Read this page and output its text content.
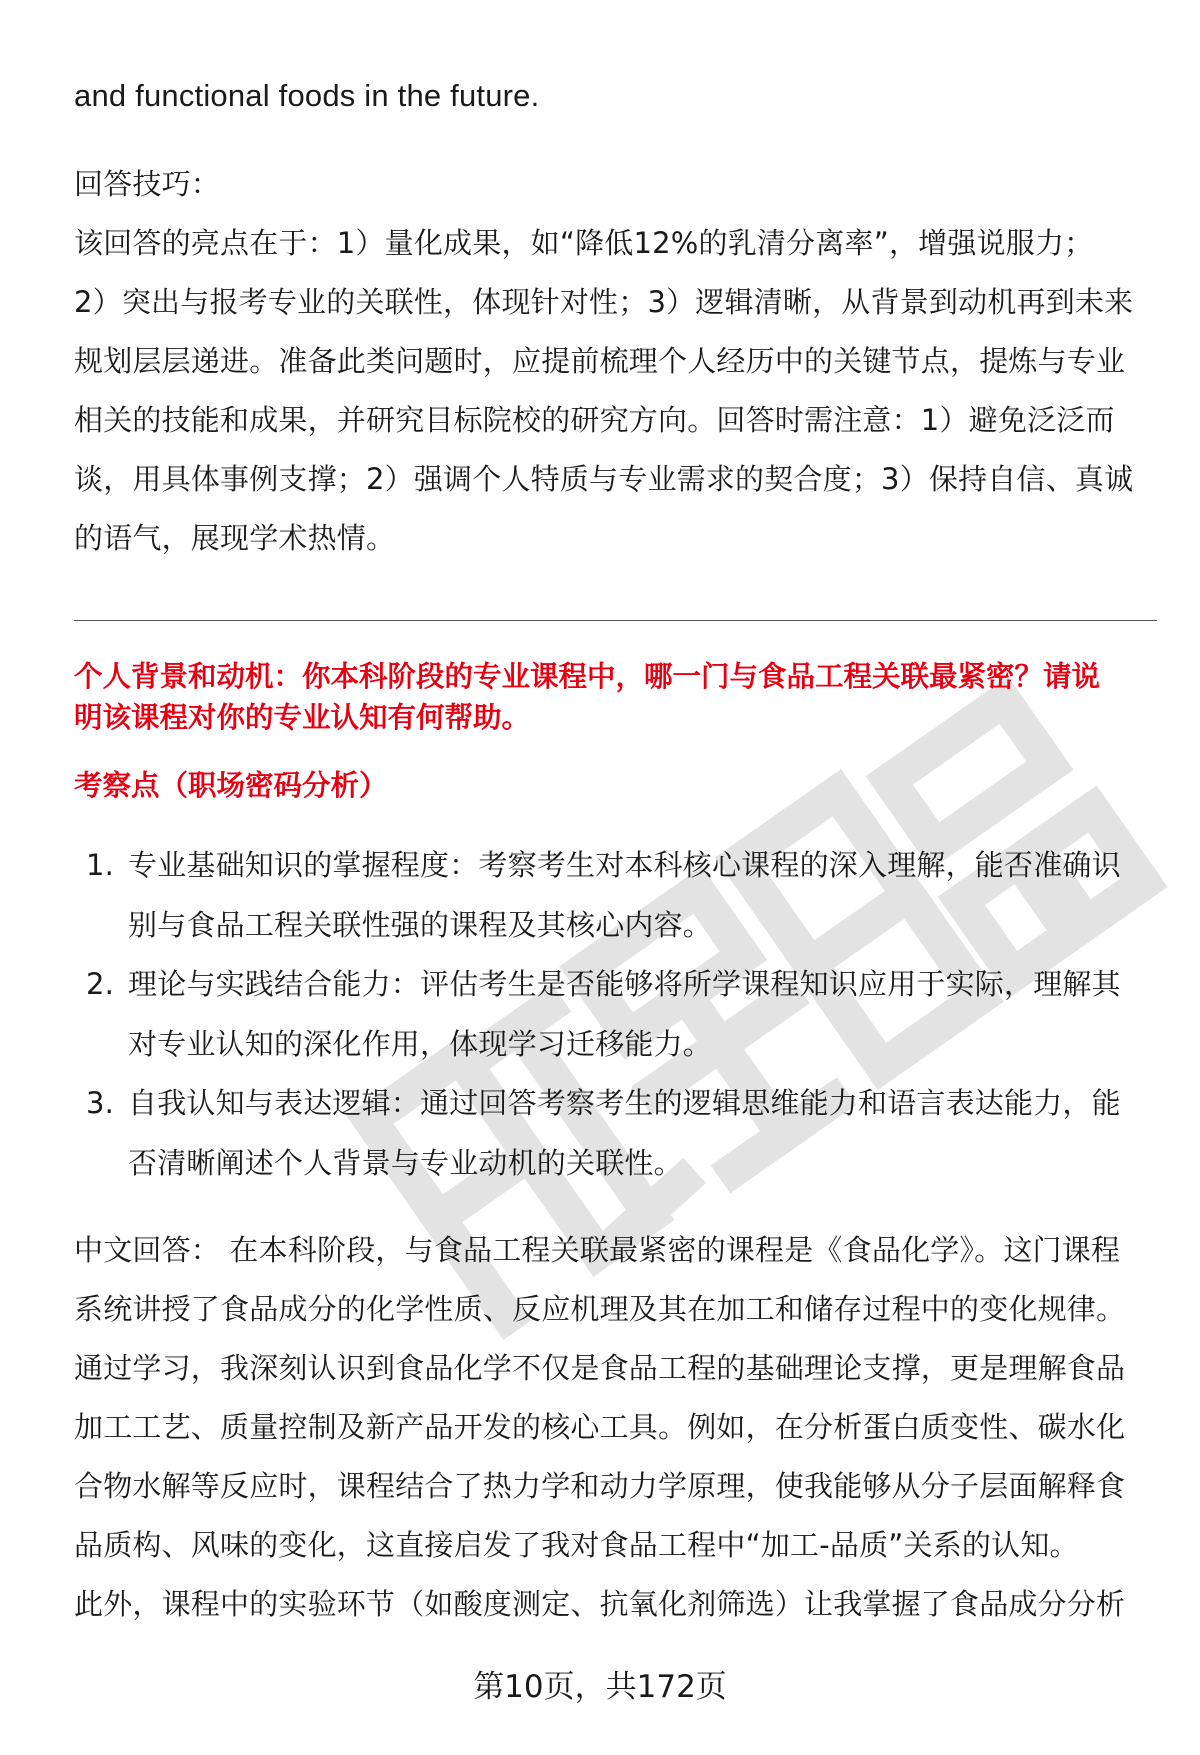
and functional foods in the future.
回答技巧：
该回答的亮点在于：1）量化成果，如“降低12%的乳清分离率”，增强说服力；
2）突出与报考专业的关联性，体现针对性；3）逻辑清晰，从背景到动机再到未来
规划层层递进。准备此类问题时，应提前梳理个人经历中的关键节点，提炼与专业
相关的技能和成果，并研究目标院校的研究方向。回答时需注意：1）避免泛泛而
谈，用具体事例支撑；2）强调个人特质与专业需求的契合度；3）保持自信、真诚
的语气，展现学术热情。
个人背景和动机：你本科阶段的专业课程中，哪一门与食品工程关联最紧密？请说
明该课程对你的专业认知有何帮助。
考察点（职场密码分析）
1. 专业基础知识的掌握程度：考察考生对本科核心课程的深入理解，能否准确识
别与食品工程关联性强的课程及其核心内容。
2. 理论与实践结合能力：评估考生是否能够将所学课程知识应用于实际，理解其
对专业认知的深化作用，体现学习迁移能力。
3. 自我认知与表达逻辑：通过回答考察考生的逻辑思维能力和语言表达能力，能
否清晰阐述个人背景与专业动机的关联性。
中文回答： 在本科阶段，与食品工程关联最紧密的课程是《食品化学》。这门课程
系统讲授了食品成分的化学性质、反应机理及其在加工和储存过程中的变化规律。
通过学习，我深刻认识到食品化学不仅是食品工程的基础理论支撑，更是理解食品
加工工艺、质量控制及新产品开发的核心工具。例如，在分析蛋白质变性、碳水化
合物水解等反应时，课程结合了热力学和动力学原理，使我能够从分子层面解释食
品质构、风味的变化，这直接启发了我对食品工程中“加工-品质”关系的认知。
此外，课程中的实验环节（如酸度测定、抗氧化剂筛选）让我掌握了食品成分分析
第10页，共172页
